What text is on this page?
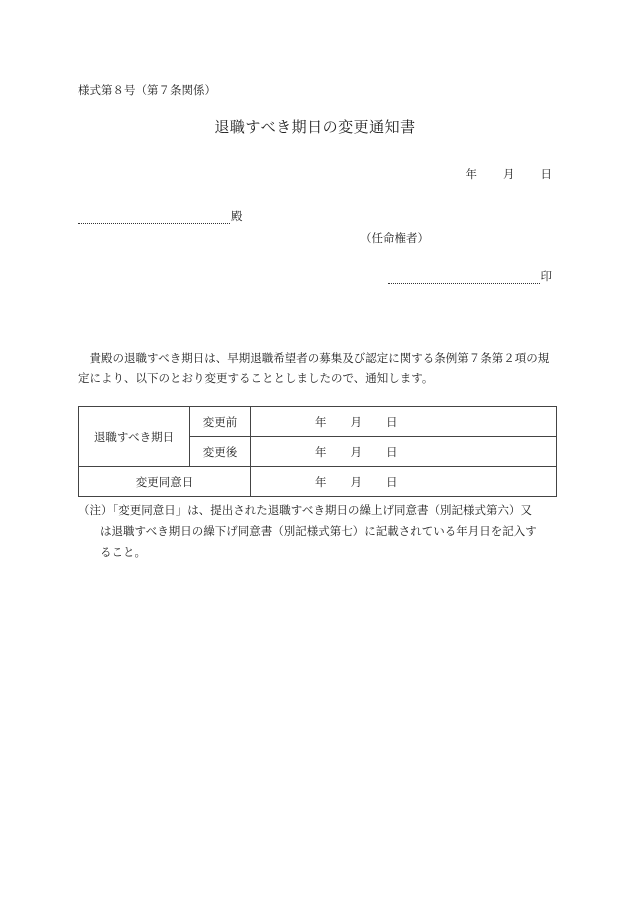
様式第８号（第７条関係）
退職すべき期日の変更通知書
年 月 日
殿
（任命権者）
印
貴殿の退職すべき期日は、早期退職希望者の募集及び認定に関する条例第７条第２項の規定により、以下のとおり変更することとしましたので、通知します。
退職すべき期日	変更前	年 月 日

	変更後	年 月 日

変更同意日		年 月 日
（注）「変更同意日」は、提出された退職すべき期日の繰上げ同意書（別記様式第六）又
は退職すべき期日の繰下げ同意書（別記様式第七）に記載されている年月日を記入す
ること。
